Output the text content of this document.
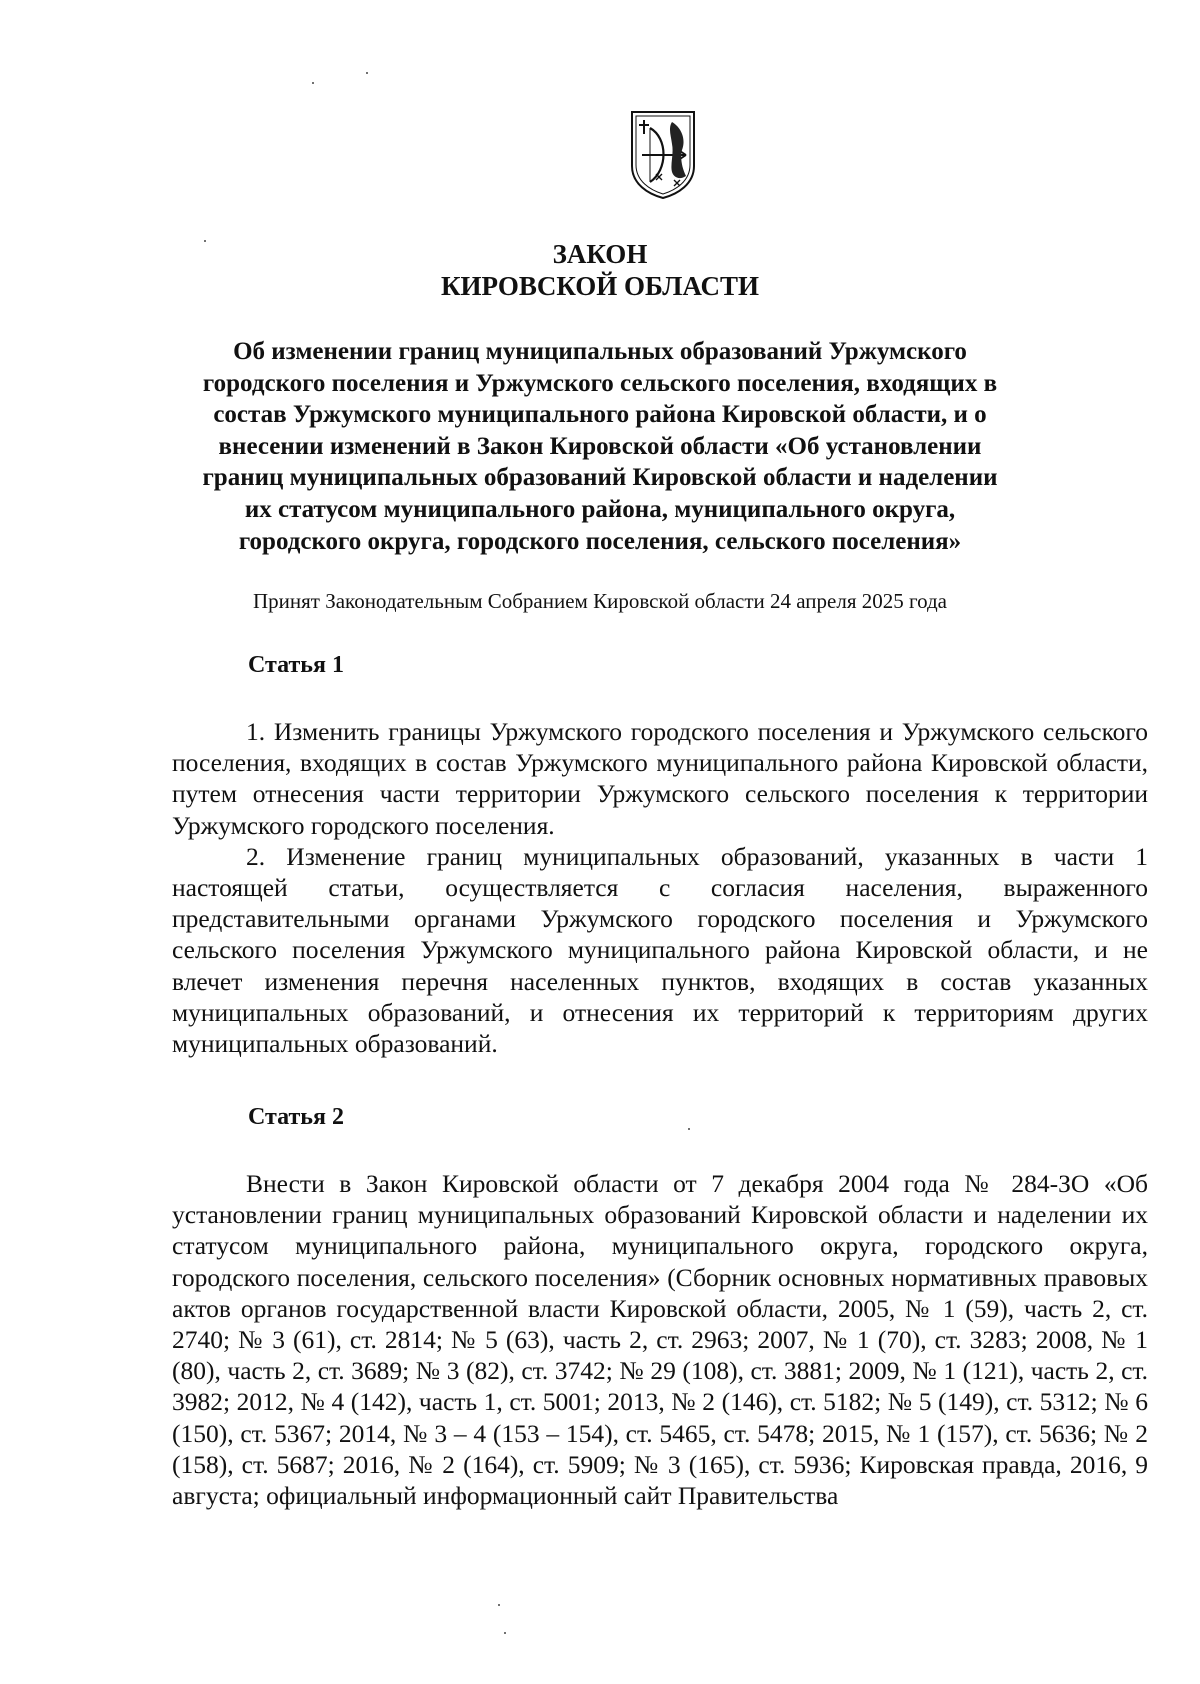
ЗАКОН
КИРОВСКОЙ ОБЛАСТИ
Об изменении границ муниципальных образований Уржумского городского поселения и Уржумского сельского поселения, входящих в состав Уржумского муниципального района Кировской области, и о внесении изменений в Закон Кировской области «Об установлении границ муниципальных образований Кировской области и наделении их статусом муниципального района, муниципального округа, городского округа, городского поселения, сельского поселения»
Принят Законодательным Собранием Кировской области 24 апреля 2025 года
Статья 1

1. Изменить границы Уржумского городского поселения и Уржумского сельского поселения, входящих в состав Уржумского муниципального района Кировской области, путем отнесения части территории Уржумского сельского поселения к территории Уржумского городского поселения.

2. Изменение границ муниципальных образований, указанных в части 1 настоящей статьи, осуществляется с согласия населения, выраженного представительными органами Уржумского городского поселения и Уржумского сельского поселения Уржумского муниципального района Кировской области, и не влечет изменения перечня населенных пунктов, входящих в состав указанных муниципальных образований, и отнесения их территорий к территориям других муниципальных образований.

Статья 2

Внести в Закон Кировской области от 7 декабря 2004 года № 284-ЗО «Об установлении границ муниципальных образований Кировской области и наделении их статусом муниципального района, муниципального округа, городского округа, городского поселения, сельского поселения» (Сборник основных нормативных правовых актов органов государственной власти Кировской области, 2005, № 1 (59), часть 2, ст. 2740; № 3 (61), ст. 2814; № 5 (63), часть 2, ст. 2963; 2007, № 1 (70), ст. 3283; 2008, № 1 (80), часть 2, ст. 3689; № 3 (82), ст. 3742; № 29 (108), ст. 3881; 2009, № 1 (121), часть 2, ст. 3982; 2012, № 4 (142), часть 1, ст. 5001; 2013, № 2 (146), ст. 5182; № 5 (149), ст. 5312; № 6 (150), ст. 5367; 2014, № 3 – 4 (153 – 154), ст. 5465, ст. 5478; 2015, № 1 (157), ст. 5636; № 2 (158), ст. 5687; 2016, № 2 (164), ст. 5909; № 3 (165), ст. 5936; Кировская правда, 2016, 9 августа; официальный информационный сайт Правительства
